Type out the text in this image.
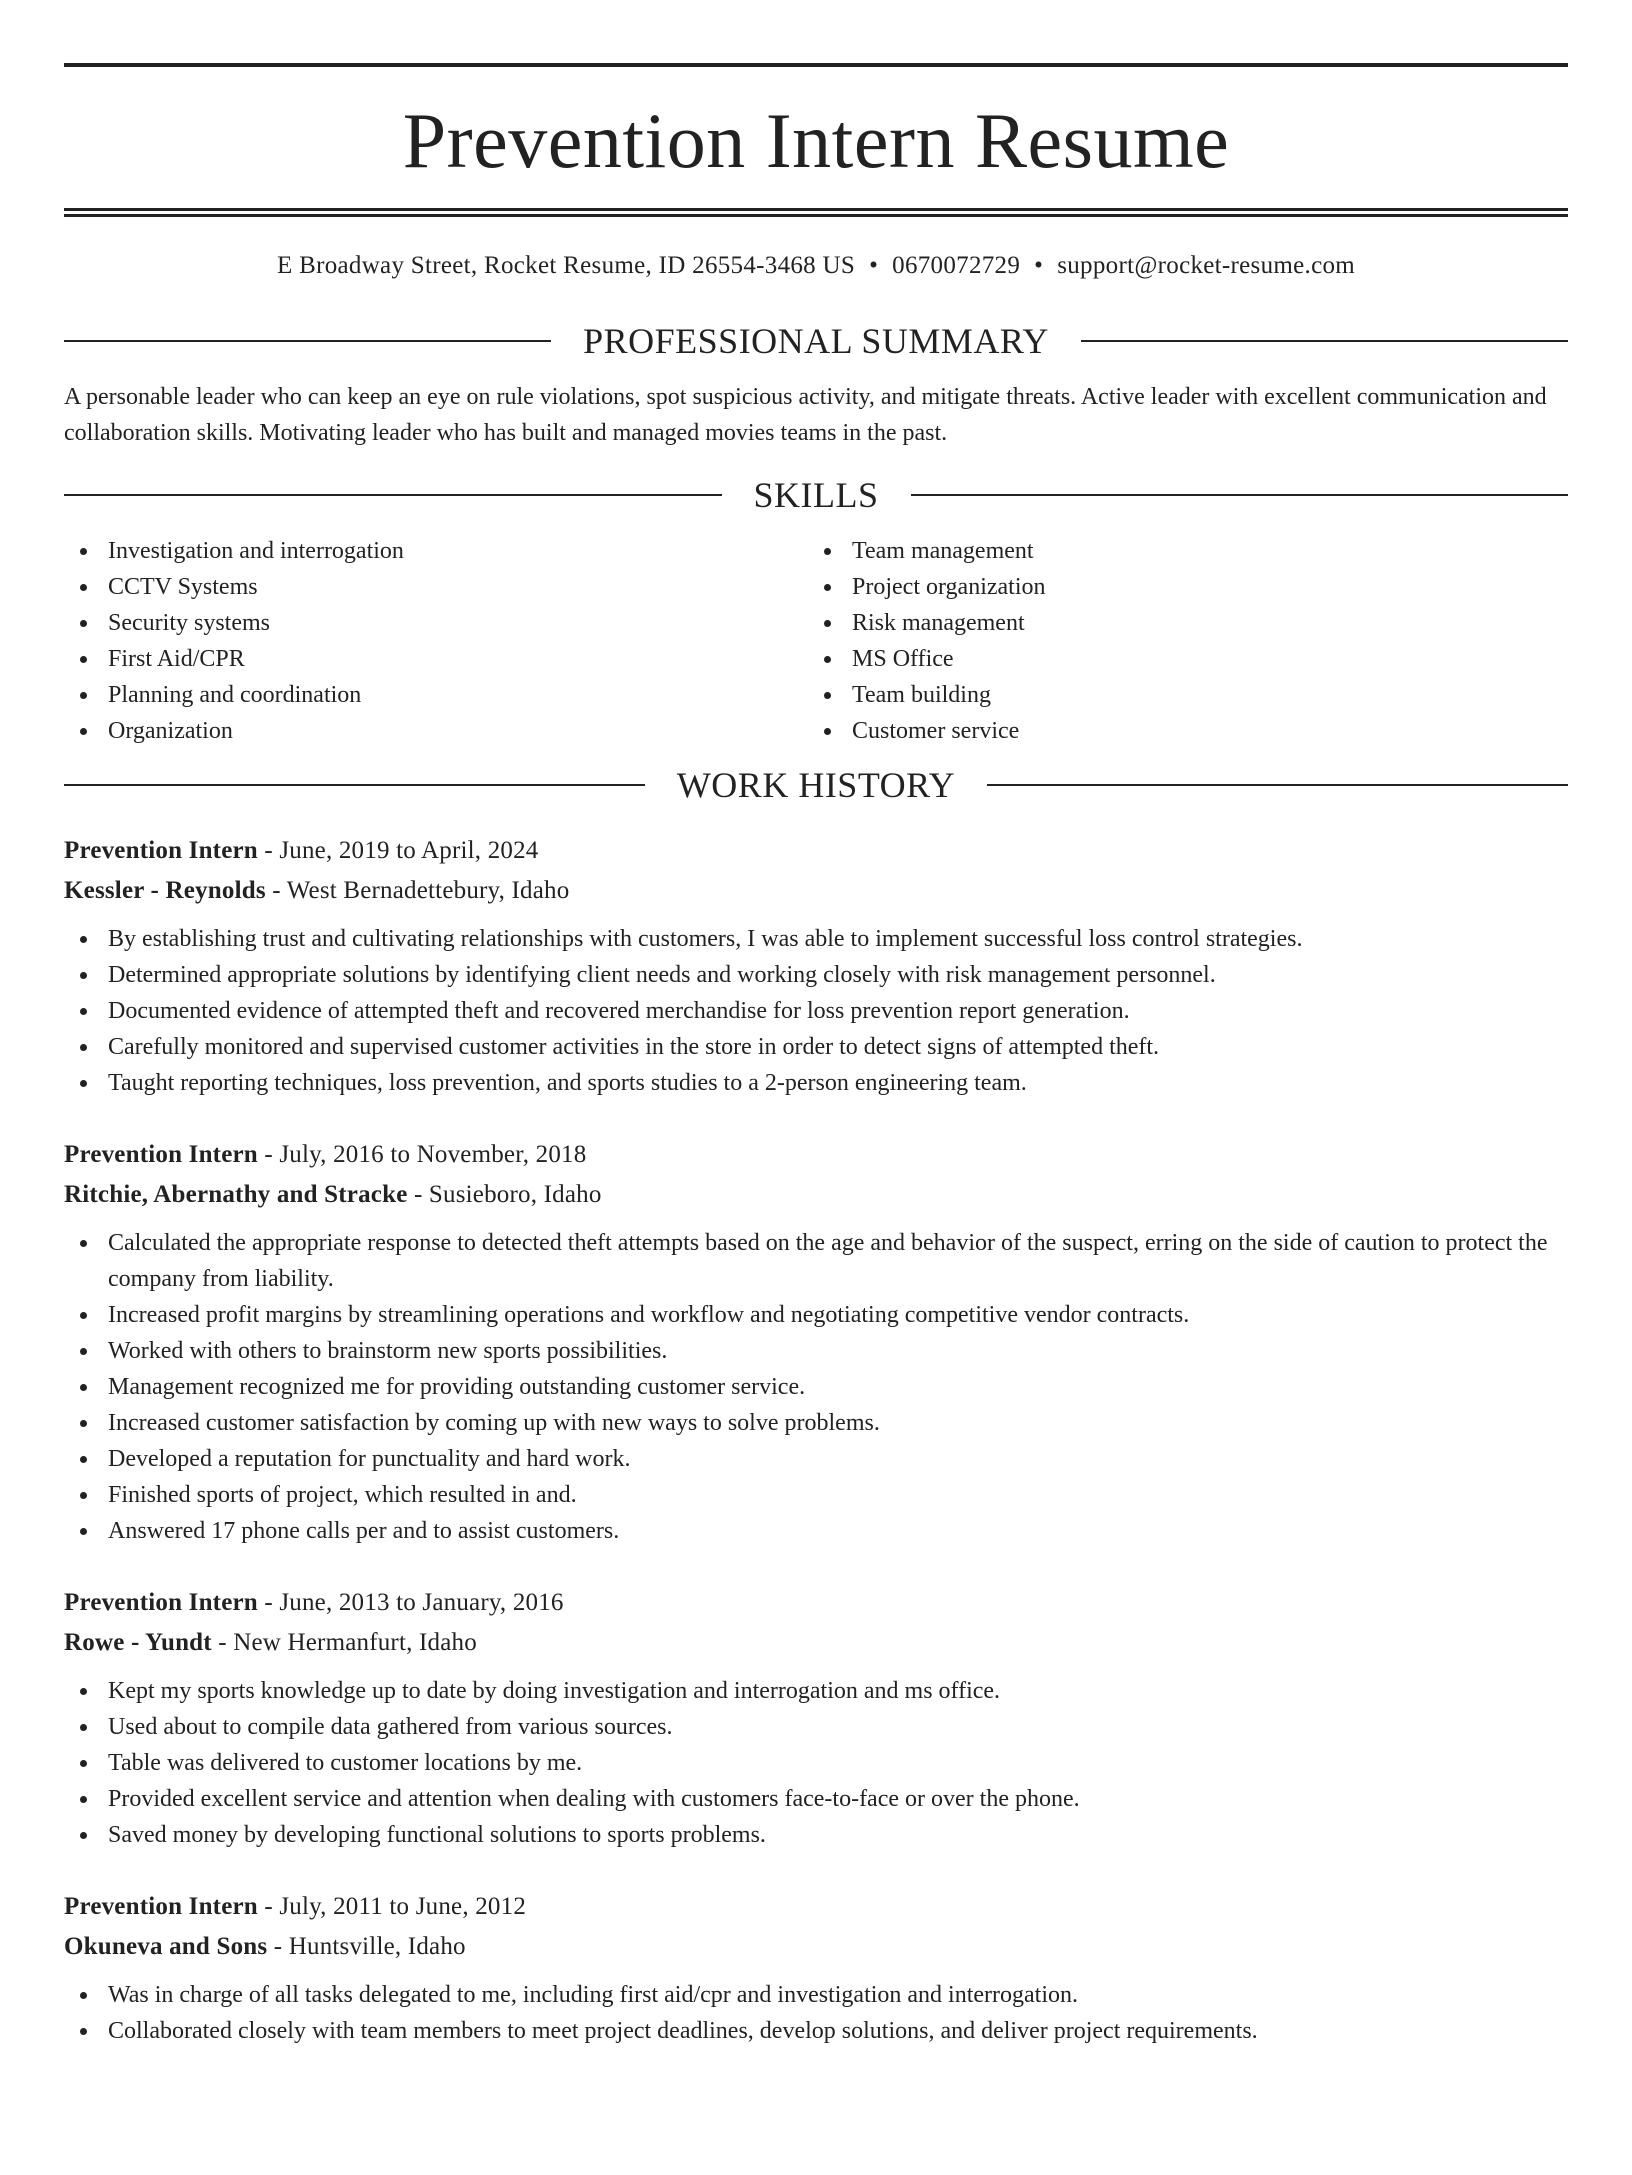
Prevention Intern Resume
E Broadway Street, Rocket Resume, ID 26554-3468 US • 0670072729 • support@rocket-resume.com
PROFESSIONAL SUMMARY
A personable leader who can keep an eye on rule violations, spot suspicious activity, and mitigate threats. Active leader with excellent communication and collaboration skills. Motivating leader who has built and managed movies teams in the past.
SKILLS
Investigation and interrogation
CCTV Systems
Security systems
First Aid/CPR
Planning and coordination
Organization
Team management
Project organization
Risk management
MS Office
Team building
Customer service
WORK HISTORY
Prevention Intern - June, 2019 to April, 2024
Kessler - Reynolds - West Bernadettebury, Idaho
By establishing trust and cultivating relationships with customers, I was able to implement successful loss control strategies.
Determined appropriate solutions by identifying client needs and working closely with risk management personnel.
Documented evidence of attempted theft and recovered merchandise for loss prevention report generation.
Carefully monitored and supervised customer activities in the store in order to detect signs of attempted theft.
Taught reporting techniques, loss prevention, and sports studies to a 2-person engineering team.
Prevention Intern - July, 2016 to November, 2018
Ritchie, Abernathy and Stracke - Susieboro, Idaho
Calculated the appropriate response to detected theft attempts based on the age and behavior of the suspect, erring on the side of caution to protect the company from liability.
Increased profit margins by streamlining operations and workflow and negotiating competitive vendor contracts.
Worked with others to brainstorm new sports possibilities.
Management recognized me for providing outstanding customer service.
Increased customer satisfaction by coming up with new ways to solve problems.
Developed a reputation for punctuality and hard work.
Finished sports of project, which resulted in and.
Answered 17 phone calls per and to assist customers.
Prevention Intern - June, 2013 to January, 2016
Rowe - Yundt - New Hermanfurt, Idaho
Kept my sports knowledge up to date by doing investigation and interrogation and ms office.
Used about to compile data gathered from various sources.
Table was delivered to customer locations by me.
Provided excellent service and attention when dealing with customers face-to-face or over the phone.
Saved money by developing functional solutions to sports problems.
Prevention Intern - July, 2011 to June, 2012
Okuneva and Sons - Huntsville, Idaho
Was in charge of all tasks delegated to me, including first aid/cpr and investigation and interrogation.
Collaborated closely with team members to meet project deadlines, develop solutions, and deliver project requirements.
